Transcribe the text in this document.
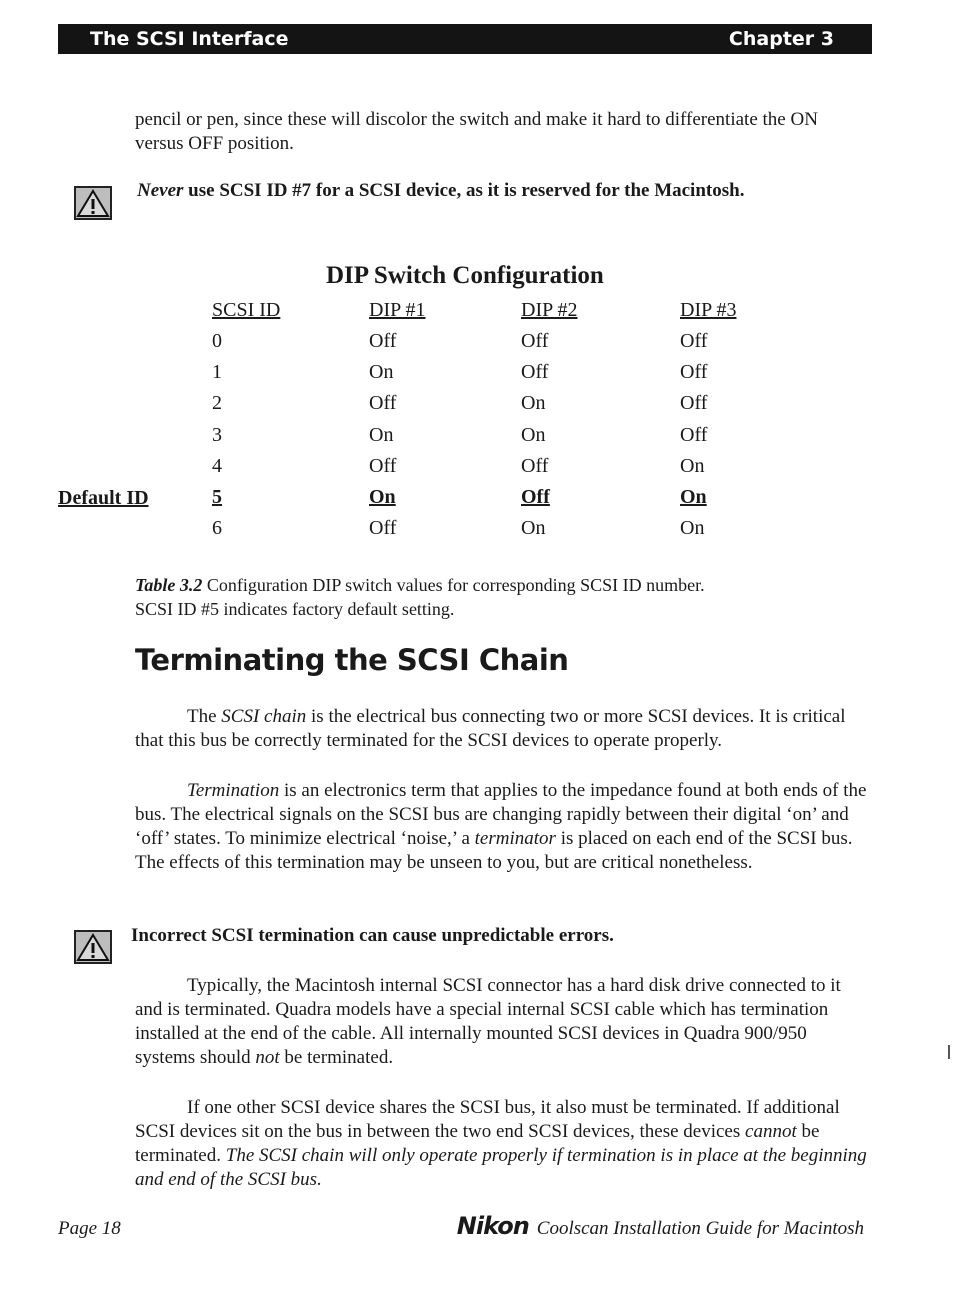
The SCSI Interface	Chapter 3

pencil or pen, since these will discolor the switch and make it hard to differentiate the ON versus OFF position.

Never use SCSI ID #7 for a SCSI device, as it is reserved for the Macintosh.
DIP Switch Configuration
SCSI ID	DIP #1	DIP #2	DIP #3
0	Off	Off	Off
1	On	Off	Off
2	Off	On	Off
3	On	On	Off
4	Off	Off	On
5	On	Off	On
6	Off	On	On
Default ID
Table 3.2 Configuration DIP switch values for corresponding SCSI ID number.
SCSI ID #5 indicates factory default setting.
Terminating the SCSI Chain

The SCSI chain is the electrical bus connecting two or more SCSI devices. It is critical that this bus be correctly terminated for the SCSI devices to operate properly.

Termination is an electronics term that applies to the impedance found at both ends of the bus. The electrical signals on the SCSI bus are changing rapidly between their digital ‘on’ and ‘off’ states. To minimize electrical ‘noise,’ a terminator is placed on each end of the SCSI bus. The effects of this termination may be unseen to you, but are critical nonetheless.

Incorrect SCSI termination can cause unpredictable errors.

Typically, the Macintosh internal SCSI connector has a hard disk drive connected to it and is terminated. Quadra models have a special internal SCSI cable which has termination installed at the end of the cable. All internally mounted SCSI devices in Quadra 900/950 systems should not be terminated.

If one other SCSI device shares the SCSI bus, it also must be terminated. If additional SCSI devices sit on the bus in between the two end SCSI devices, these devices cannot be terminated. The SCSI chain will only operate properly if termination is in place at the beginning and end of the SCSI bus.

Page 18	Nikon Coolscan Installation Guide for Macintosh
